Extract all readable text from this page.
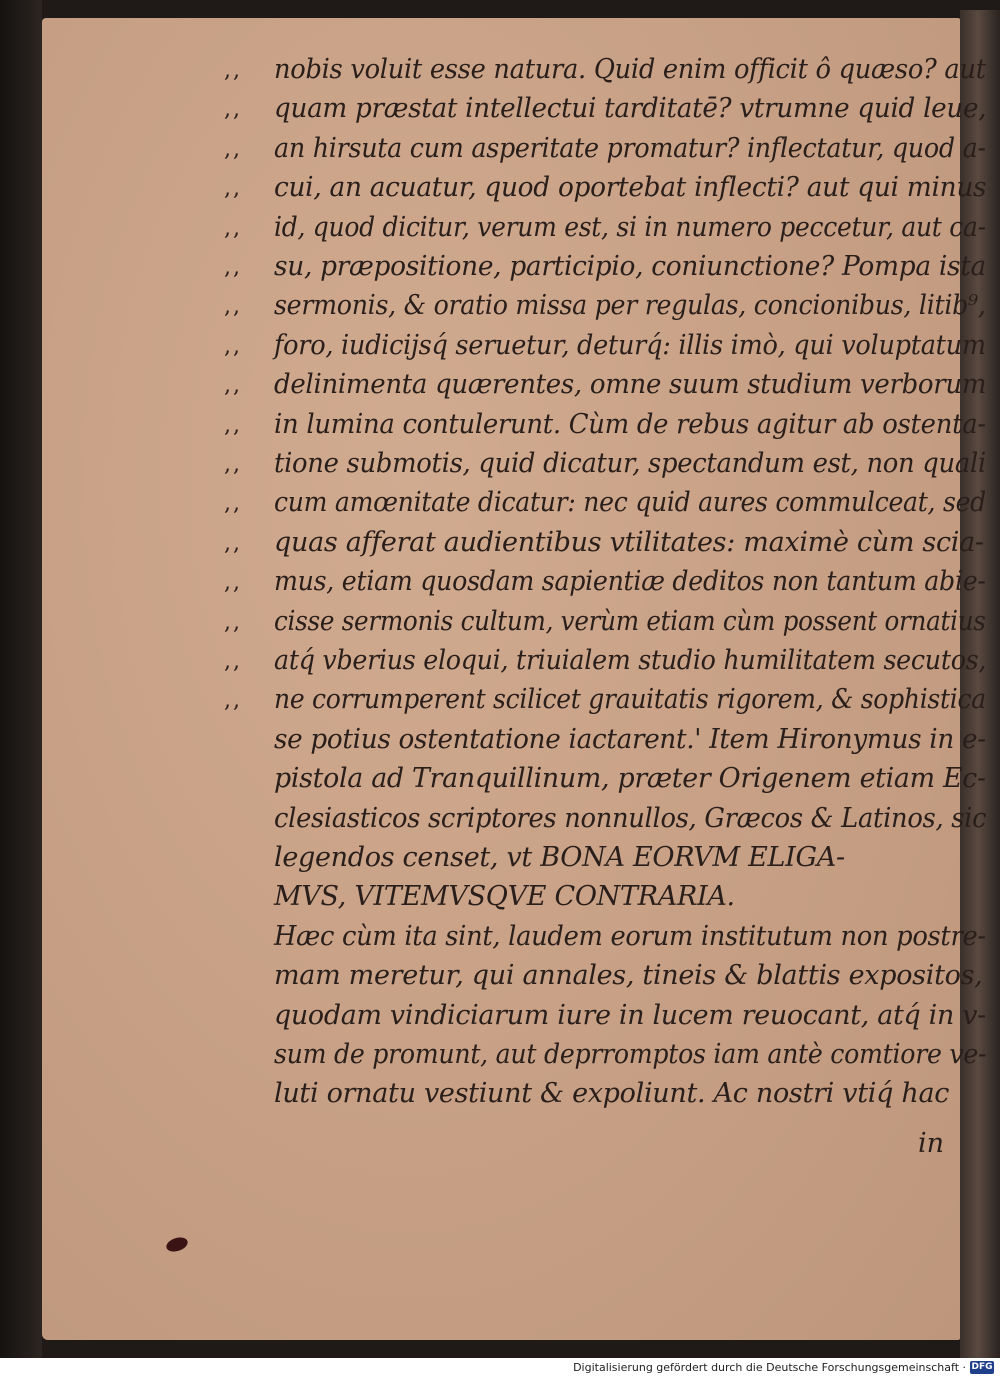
,,	nobis voluit esse natura. Quid enim officit ô quæso? aut
,,	quam præstat intellectui tarditatē? vtrumne quid leue,
,,	an hirsuta cum asperitate promatur? inflectatur, quod a-
,,	cui, an acuatur, quod oportebat inflecti? aut qui minus
,,	id, quod dicitur, verum est, si in numero peccetur, aut ca-
,,	su, præpositione, participio, coniunctione? Pompa ista
,,	sermonis, & oratio missa per regulas, concionibus, litib⁹,
,,	foro, iudicijsq́ seruetur, deturq́: illis imò, qui voluptatum
,,	delinimenta quærentes, omne suum studium verborum
,,	in lumina contulerunt. Cùm de rebus agitur ab ostenta-
,,	tione submotis, quid dicatur, spectandum est, non quali
,,	cum amœnitate dicatur: nec quid aures commulceat, sed
,,	quas afferat audientibus vtilitates: maximè cùm scia-
,,	mus, etiam quosdam sapientiæ deditos non tantum abie-
,,	cisse sermonis cultum, verùm etiam cùm possent ornatius
,,	atq́ vberius eloqui, triuialem studio humilitatem secutos,
,,	ne corrumperent scilicet grauitatis rigorem, & sophistica
se potius ostentatione iactarent.' Item Hironymus in e-
pistola ad Tranquillinum, præter Origenem etiam Ec-
clesiasticos scriptores nonnullos, Græcos & Latinos, sic
legendos censet, vt BONA EORVM ELIGA-
MVS, VITEMVSQVE CONTRARIA.
Hæc cùm ita sint, laudem eorum institutum non postre-
mam meretur, qui annales, tineis & blattis expositos,
quodam vindiciarum iure in lucem reuocant, atq́ in v-
sum de promunt, aut deprromptos iam antè comtiore ve-
luti ornatu vestiunt & expoliunt. Ac nostri vtiq́ hac
in
Digitalisierung gefördert durch die Deutsche Forschungsgemeinschaft · DFG
